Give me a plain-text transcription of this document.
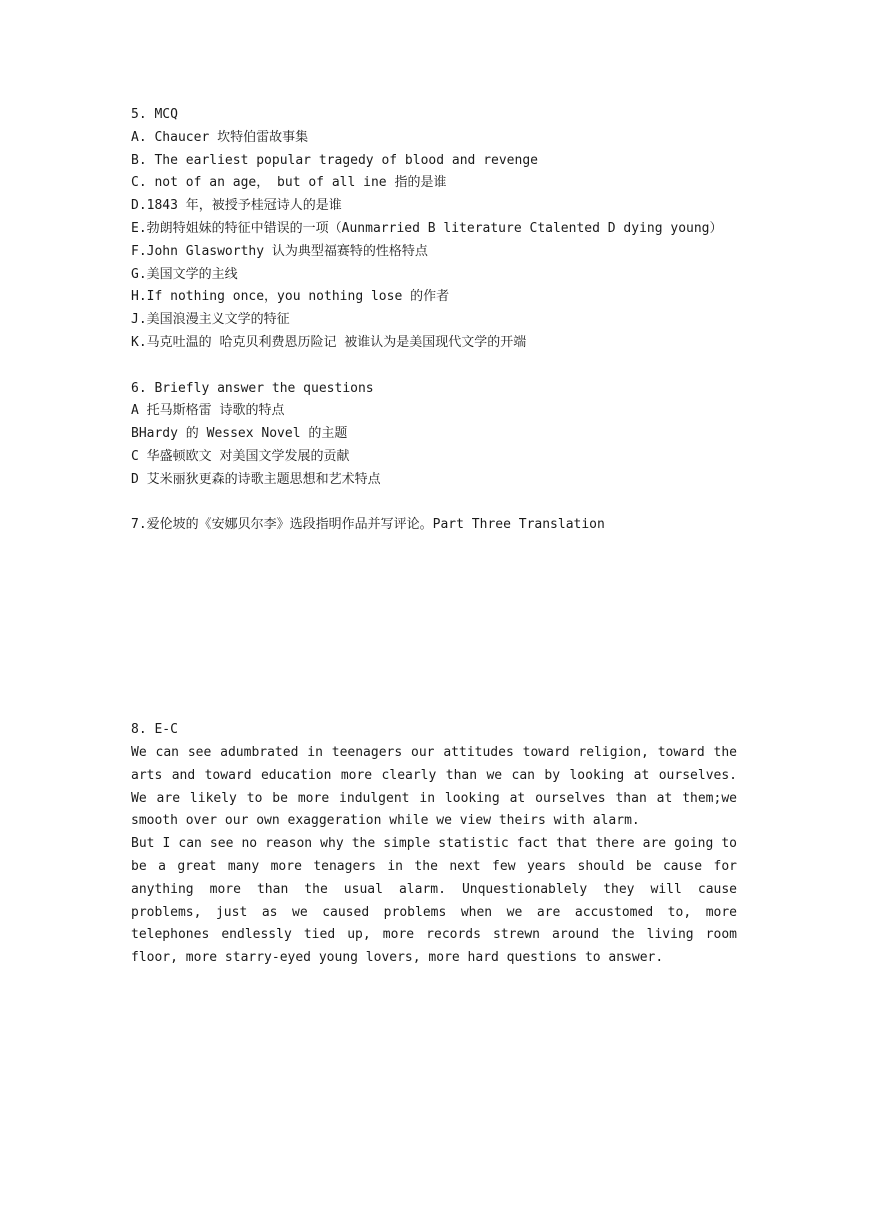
5. MCQ
A. Chaucer 坎特伯雷故事集
B. The earliest popular tragedy of blood and revenge
C. not of an age， but of all ine 指的是谁
D.1843 年，被授予桂冠诗人的是谁
E.勃朗特姐妹的特征中错误的一项（Aunmarried B literature Ctalented D dying young）
F.John Glasworthy 认为典型福赛特的性格特点
G.美国文学的主线
H.If nothing once，you nothing lose 的作者
J.美国浪漫主义文学的特征
K.马克吐温的 哈克贝利费恩历险记 被谁认为是美国现代文学的开端
6. Briefly answer the questions
A 托马斯格雷 诗歌的特点
BHardy 的 Wessex Novel 的主题
C 华盛顿欧文 对美国文学发展的贡献
D 艾米丽狄更森的诗歌主题思想和艺术特点
7.爱伦坡的《安娜贝尔李》选段指明作品并写评论。Part Three Translation
8. E-C
We can see adumbrated in teenagers our attitudes toward religion, toward the arts and toward education more clearly than we can by looking at ourselves. We are likely to be more indulgent in looking at ourselves than at them;we smooth over our own exaggeration while we view theirs with alarm.
But I can see no reason why the simple statistic fact that there are going to be a great many more tenagers in the next few years should be cause for anything more than the usual alarm. Unquestionablely they will cause problems, just as we caused problems when we are accustomed to, more telephones endlessly tied up, more records strewn around the living room floor, more starry-eyed young lovers, more hard questions to answer.
